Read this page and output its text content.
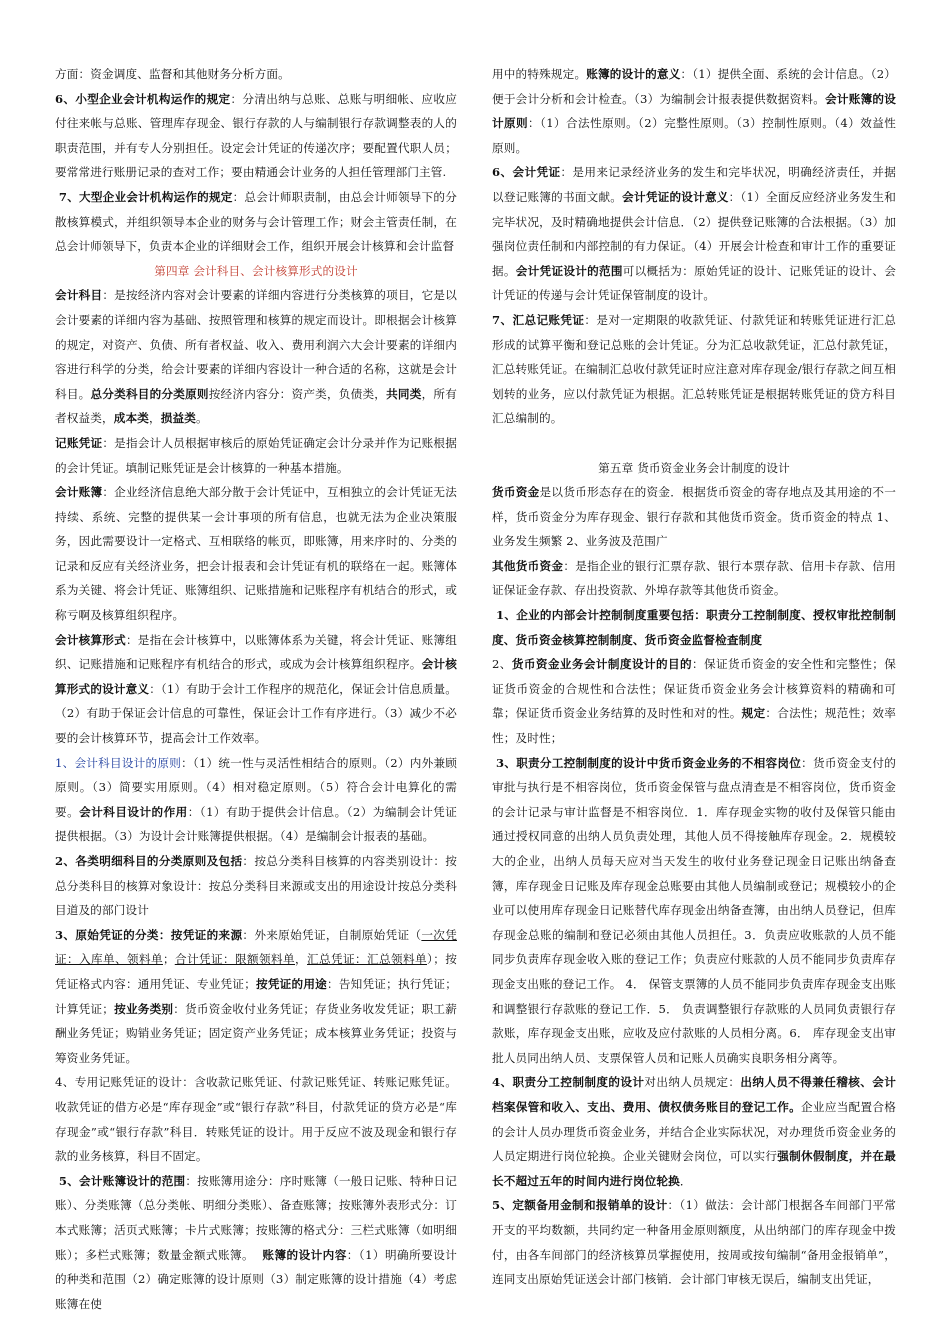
方面：资金调度、监督和其他财务分析方面。

6、小型企业会计机构运作的规定：分清出纳与总账、总账与明细帐、应收应付往来帐与总账、管理库存现金、银行存款的人与编制银行存款调整表的人的职责范围，并有专人分别担任。设定会计凭证的传递次序；要配置代职人员；要常常进行账册记录的查对工作；要由精通会计业务的人担任管理部门主管.

7、大型企业会计机构运作的规定：总会计师职责制，由总会计师领导下的分散核算模式，并组织领导本企业的财务与会计管理工作；财会主管责任制，在总会计师领导下，负责本企业的详细财会工作，组织开展会计核算和会计监督

第四章 会计科目、会计核算形式的设计

会计科目：是按经济内容对会计要素的详细内容进行分类核算的项目，它是以会计要素的详细内容为基础、按照管理和核算的规定而设计。即根据会计核算的规定，对资产、负债、所有者权益、收入、费用利润六大会计要素的详细内容进行科学的分类，给会计要素的详细内容设计一种合适的名称，这就是会计科目。总分类科目的分类原则按经济内容分：资产类，负债类，共同类，所有者权益类，成本类，损益类。

记账凭证：是指会计人员根据审核后的原始凭证确定会计分录并作为记账根据的会计凭证。填制记账凭证是会计核算的一种基本措施。

会计账簿：企业经济信息绝大部分散于会计凭证中，互相独立的会计凭证无法持续、系统、完整的提供某一会计事项的所有信息，也就无法为企业决策服务，因此需要设计一定格式、互相联络的帐页，即账簿，用来序时的、分类的记录和反应有关经济业务，把会计报表和会计凭证有机的联络在一起。账簿体系为关键、将会计凭证、账簿组织、记账措施和记账程序有机结合的形式，或称亏啊及核算组织程序。

会计核算形式：是指在会计核算中，以账簿体系为关键，将会计凭证、账簿组织、记账措施和记账程序有机结合的形式，或成为会计核算组织程序。会计核算形式的设计意义：（1）有助于会计工作程序的规范化，保证会计信息质量。（2）有助于保证会计信息的可靠性，保证会计工作有序进行。（3）减少不必要的会计核算环节，提高会计工作效率。

1、会计科目设计的原则：（1）统一性与灵活性相结合的原则。（2）内外兼顾原则。（3）简要实用原则。（4）相对稳定原则。（5）符合会计电算化的需要。会计科目设计的作用：（1）有助于提供会计信息。（2）为编制会计凭证提供根据。（3）为设计会计账簿提供根据。（4）是编制会计报表的基础。

2、各类明细科目的分类原则及包括：按总分类科目核算的内容类别设计：按总分类科目的核算对象设计：按总分类科目来源或支出的用途设计按总分类科目道及的部门设计

3、原始凭证的分类：按凭证的来源：外来原始凭证，自制原始凭证（一次凭证：入库单、领料单；合计凭证：限额领料单，汇总凭证：汇总领料单）；按凭证格式内容：通用凭证、专业凭证；按凭证的用途：告知凭证；执行凭证；计算凭证；按业务类别：货币资金收付业务凭证；存货业务收发凭证；职工薪酬业务凭证；购销业务凭证；固定资产业务凭证；成本核算业务凭证；投资与筹资业务凭证。

4、专用记账凭证的设计：含收款记账凭证、付款记账凭证、转账记账凭证。收款凭证的借方必是“库存现金”或“银行存款”科目，付款凭证的贷方必是“库存现金”或“银行存款”科目．转账凭证的设计。用于反应不波及现金和银行存款的业务核算，科目不固定。

5、会计账簿设计的范围：按账簿用途分：序时账簿（一般日记账、特种日记账）、分类账簿（总分类帐、明细分类账）、备查账簿；按账簿外表形式分：订本式账簿；活页式账簿；卡片式账簿；按账簿的格式分：三栏式账簿（如明细账）；多栏式账簿；数量金额式账簿。 账簿的设计内容：（1）明确所要设计的种类和范围（2）确定账簿的设计原则（3）制定账簿的设计措施（4）考虑账簿在使

用中的特殊规定。账簿的设计的意义：（1）提供全面、系统的会计信息。（2）便于会计分析和会计检查。（3）为编制会计报表提供数据资料。会计账簿的设计原则：（1）合法性原则。（2）完整性原则。（3）控制性原则。（4）效益性原则。

6、会计凭证：是用来记录经济业务的发生和完毕状况，明确经济责任，并据以登记账簿的书面文献。会计凭证的设计意义：（1）全面反应经济业务发生和完毕状况，及时精确地提供会计信息．（2）提供登记账簿的合法根据。（3）加强岗位责任制和内部控制的有力保证。（4）开展会计检查和审计工作的重要证据。会计凭证设计的范围可以概括为：原始凭证的设计、记账凭证的设计、会计凭证的传递与会计凭证保管制度的设计。

7、汇总记账凭证：是对一定期限的收款凭证、付款凭证和转账凭证进行汇总形成的试算平衡和登记总账的会计凭证。分为汇总收款凭证，汇总付款凭证，汇总转账凭证。在编制汇总收付款凭证时应注意对库存现金/银行存款之间互相划转的业务，应以付款凭证为根据。汇总转账凭证是根据转账凭证的贷方科目汇总编制的。

第五章 货币资金业务会计制度的设计

货币资金是以货币形态存在的资金．根据货币资金的寄存地点及其用途的不一样，货币资金分为库存现金、银行存款和其他货币资金。货币资金的特点 1、业务发生频繁 2、业务波及范围广

其他货币资金：是指企业的银行汇票存款、银行本票存款、信用卡存款、信用证保证金存款、存出投资款、外埠存款等其他货币资金。

1、企业的内部会计控制制度重要包括：职责分工控制制度、授权审批控制制度、货币资金核算控制制度、货币资金监督检查制度

2、货币资金业务会计制度设计的目的：保证货币资金的安全性和完整性；保证货币资金的合规性和合法性；保证货币资金业务会计核算资料的精确和可靠；保证货币资金业务结算的及时性和对的性。规定：合法性；规范性；效率性；及时性；

3、职责分工控制制度的设计中货币资金业务的不相容岗位：货币资金支付的审批与执行是不相容岗位，货币资金保管与盘点清查是不相容岗位，货币资金的会计记录与审计监督是不相容岗位．1．库存现金实物的收付及保管只能由通过授权同意的出纳人员负责处理，其他人员不得接触库存现金。2．规模较大的企业，出纳人员每天应对当天发生的收付业务登记现金日记账出纳备查簿，库存现金日记账及库存现金总账要由其他人员编制或登记；规模较小的企业可以使用库存现金日记账替代库存现金出纳备查簿，由出纳人员登记，但库存现金总账的编制和登记必须由其他人员担任。3．负责应收账款的人员不能同步负责库存现金收入账的登记工作；负责应付账款的人员不能同步负责库存现金支出账的登记工作。 4． 保管支票簿的人员不能同步负责库存现金支出账和调整银行存款账的登记工作．5． 负责调整银行存款账的人员同负责银行存款账，库存现金支出账，应收及应付款账的人员相分离。6． 库存现金支出审批人员同出纳人员、支票保管人员和记账人员确实良职务相分离等。

4、职责分工控制制度的设计对出纳人员规定：出纳人员不得兼任稽核、会计档案保管和收入、支出、费用、债权债务账目的登记工作。企业应当配置合格的会计人员办理货币资金业务，并结合企业实际状况，对办理货币资金业务的人员定期进行岗位轮换。企业关键财会岗位，可以实行强制休假制度，并在最长不超过五年的时间内进行岗位轮换．

5、定额备用金制和报销单的设计：（1）做法：会计部门根据各车间部门平常开支的平均数额，共同约定一种备用金原则额度，从出纳部门的库存现金中拨付，由各车间部门的经济核算员掌握使用，按周或按旬编制“备用金报销单”，连同支出原始凭证送会计部门核销．会计部门审核无误后，编制支出凭证，
